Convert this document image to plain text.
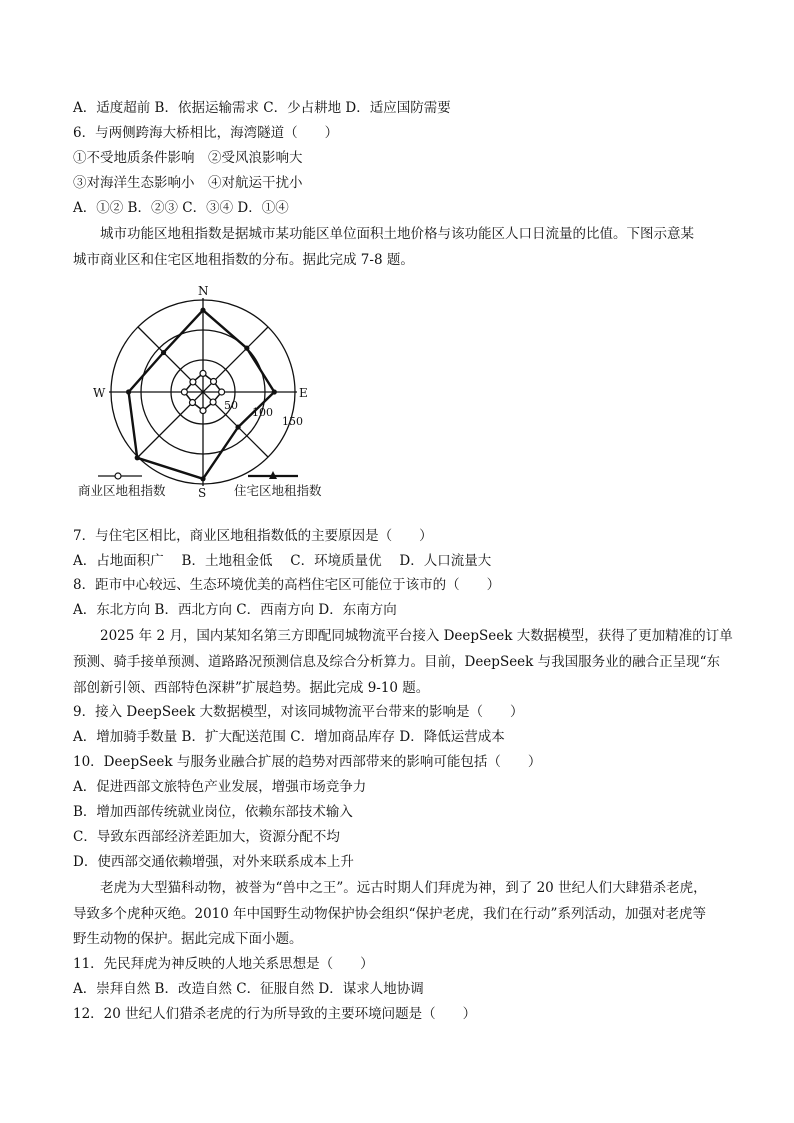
A．适度超前 B．依据运输需求 C．少占耕地 D．适应国防需要
6．与两侧跨海大桥相比，海湾隧道（　　）
①不受地质条件影响　②受风浪影响大
③对海洋生态影响小　④对航运干扰小
A．①② B．②③ C．③④ D．①④
城市功能区地租指数是据城市某功能区单位面积土地价格与该功能区人口日流量的比值。下图示意某
城市商业区和住宅区地租指数的分布。据此完成 7-8 题。
N
E
S
W
50
100
150
商业区地租指数	住宅区地租指数
7．与住宅区相比，商业区地租指数低的主要原因是（　　）
A．占地面积广　 B．土地租金低　 C．环境质量优　 D．人口流量大
8．距市中心较远、生态环境优美的高档住宅区可能位于该市的（　　）
A．东北方向 B．西北方向 C．西南方向 D．东南方向
2025 年 2 月，国内某知名第三方即配同城物流平台接入 DeepSeek 大数据模型，获得了更加精准的订单
预测、骑手接单预测、道路路况预测信息及综合分析算力。目前，DeepSeek 与我国服务业的融合正呈现“东
部创新引领、西部特色深耕”扩展趋势。据此完成 9-10 题。
9．接入 DeepSeek 大数据模型，对该同城物流平台带来的影响是（　　）
A．增加骑手数量 B．扩大配送范围 C．增加商品库存 D．降低运营成本
10．DeepSeek 与服务业融合扩展的趋势对西部带来的影响可能包括（　　）
A．促进西部文旅特色产业发展，增强市场竞争力
B．增加西部传统就业岗位，依赖东部技术输入
C．导致东西部经济差距加大，资源分配不均
D．使西部交通依赖增强，对外来联系成本上升
老虎为大型猫科动物，被誉为“兽中之王”。远古时期人们拜虎为神，到了 20 世纪人们大肆猎杀老虎，
导致多个虎种灭绝。2010 年中国野生动物保护协会组织“保护老虎，我们在行动”系列活动，加强对老虎等
野生动物的保护。据此完成下面小题。
11．先民拜虎为神反映的人地关系思想是（　　）
A．崇拜自然 B．改造自然 C．征服自然 D．谋求人地协调
12．20 世纪人们猎杀老虎的行为所导致的主要环境问题是（　　）
